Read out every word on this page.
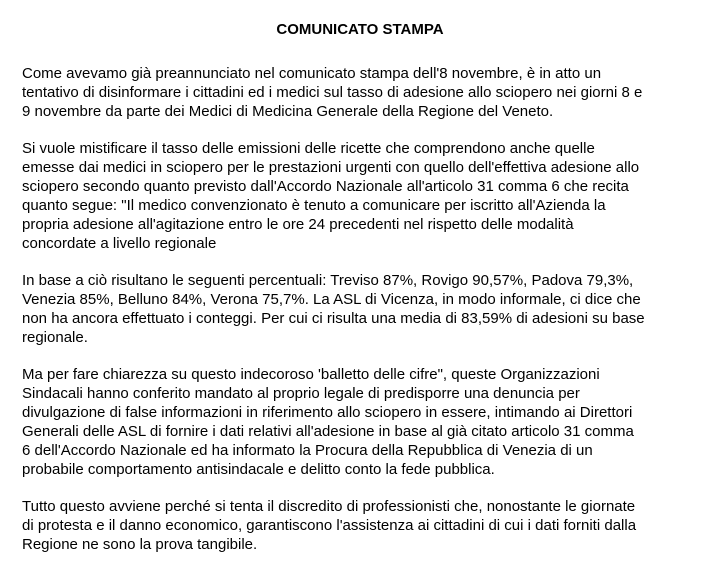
COMUNICATO STAMPA

Come avevamo già preannunciato nel comunicato stampa dell'8 novembre, è in atto un
tentativo di disinformare i cittadini ed i medici sul tasso di adesione allo sciopero nei giorni 8 e
9 novembre da parte dei Medici di Medicina Generale della Regione del Veneto.

Si vuole mistificare il tasso delle emissioni delle ricette che comprendono anche quelle
emesse dai medici in sciopero per le prestazioni urgenti con quello dell'effettiva adesione allo
sciopero secondo quanto previsto dall'Accordo Nazionale all'articolo 31 comma 6 che recita
quanto segue: "Il medico convenzionato è tenuto a comunicare per iscritto all'Azienda la
propria adesione all'agitazione entro le ore 24 precedenti nel rispetto delle modalità
concordate a livello regionale

In base a ciò risultano le seguenti percentuali: Treviso 87%, Rovigo 90,57%, Padova 79,3%,
Venezia 85%, Belluno 84%, Verona 75,7%. La ASL di Vicenza, in modo informale, ci dice che
non ha ancora effettuato i conteggi. Per cui ci risulta una media di 83,59% di adesioni su base
regionale.

Ma per fare chiarezza su questo indecoroso 'balletto delle cifre", queste Organizzazioni
Sindacali hanno conferito mandato al proprio legale di predisporre una denuncia per
divulgazione di false informazioni in riferimento allo sciopero in essere, intimando ai Direttori
Generali delle ASL di fornire i dati relativi all'adesione in base al già citato articolo 31 comma
6 dell'Accordo Nazionale ed ha informato la Procura della Repubblica di Venezia di un
probabile comportamento antisindacale e delitto conto la fede pubblica.

Tutto questo avviene perché si tenta il discredito di professionisti che, nonostante le giornate
di protesta e il danno economico, garantiscono l'assistenza ai cittadini di cui i dati forniti dalla
Regione ne sono la prova tangibile.
